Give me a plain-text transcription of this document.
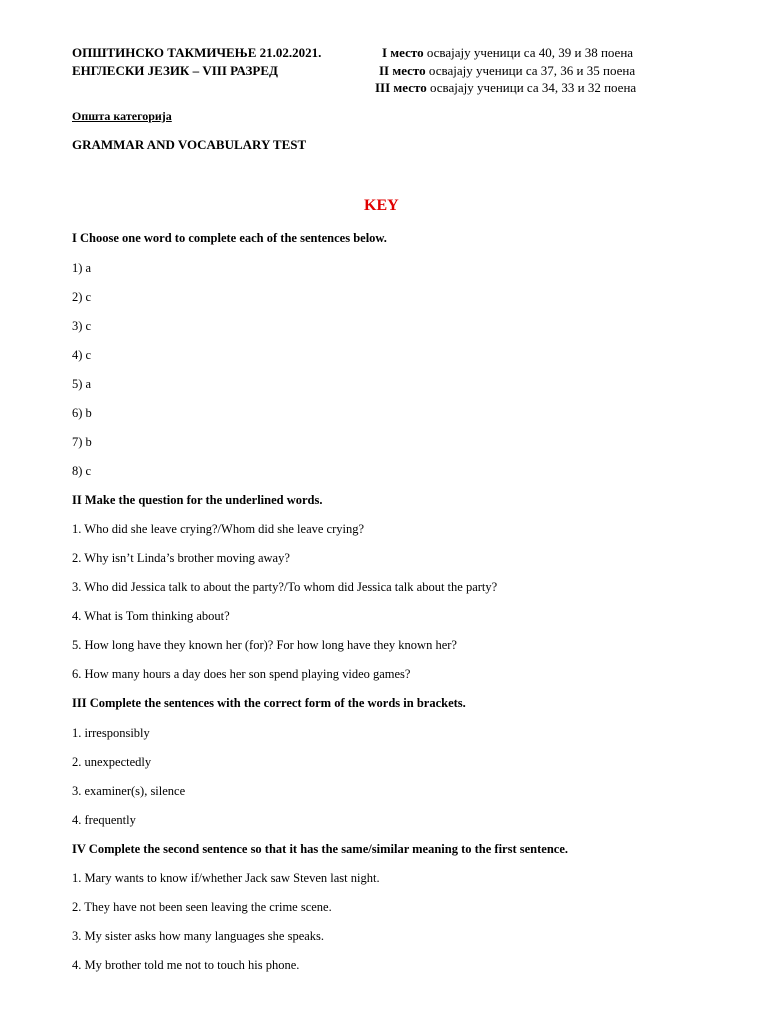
ОПШТИНСКО ТАКМИЧЕЊЕ 21.02.2021.
ЕНГЛЕСКИ ЈЕЗИК – VIII РАЗРЕД
I место освајају ученици са 40, 39 и 38 поена
II место освајају ученици са 37, 36 и 35 поена
III место освајају ученици са 34, 33 и 32 поена
Општа категорија
GRAMMAR AND VOCABULARY TEST
KEY
I Choose one word to complete each of the sentences below.
1) a
2) c
3) c
4) c
5) a
6) b
7) b
8) c
II Make the question for the underlined words.
1. Who did she leave crying?/Whom did she leave crying?
2. Why isn’t Linda’s brother moving away?
3. Who did Jessica talk to about the party?/To whom did Jessica talk about the party?
4. What is Tom thinking about?
5. How long have they known her (for)? For how long have they known her?
6. How many hours a day does her son spend playing video games?
III Complete the sentences with the correct form of the words in brackets.
1. irresponsibly
2. unexpectedly
3. examiner(s), silence
4. frequently
IV Complete the second sentence so that it has the same/similar meaning to the first sentence.
1. Mary wants to know if/whether Jack saw Steven last night.
2. They have not been seen leaving the crime scene.
3. My sister asks how many languages she speaks.
4. My brother told me not to touch his phone.
